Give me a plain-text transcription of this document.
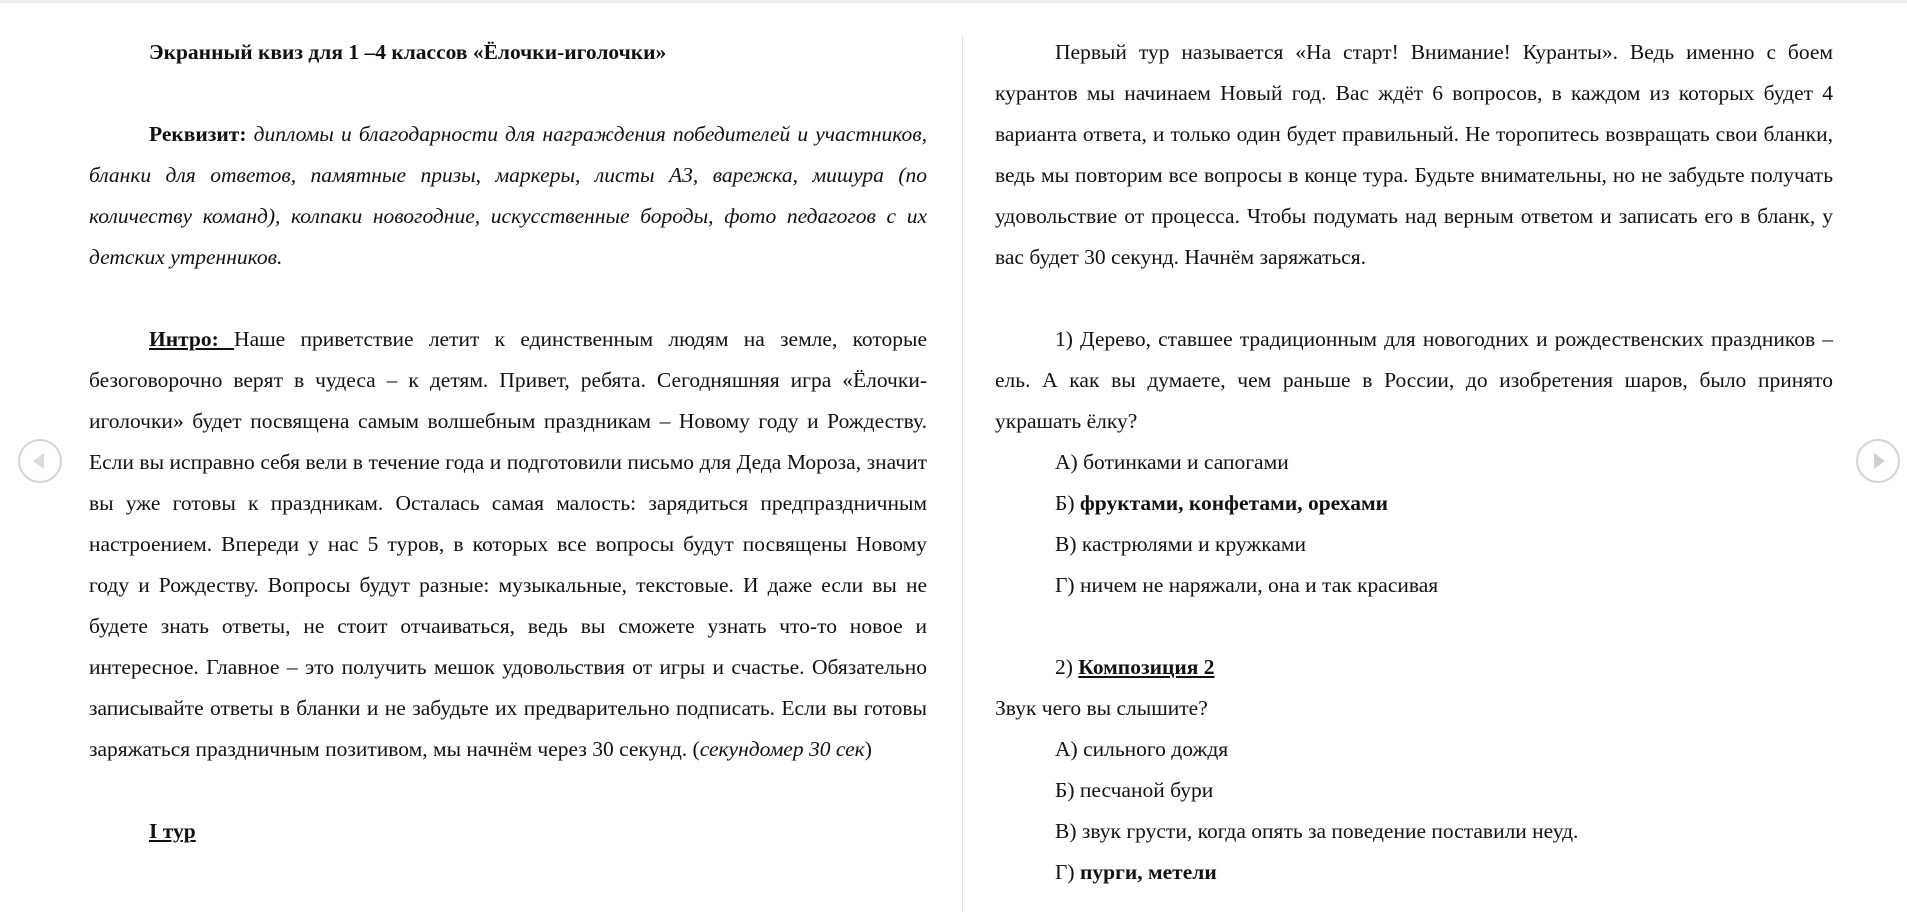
Экранный квиз для 1 –4 классов «Ёлочки-иголочки»

Реквизит: дипломы и благодарности для награждения победителей и участников, бланки для ответов, памятные призы, маркеры, листы А3, варежка, мишура (по количеству команд), колпаки новогодние, искусственные бороды, фото педагогов с их детских утренников.

Интро: Наше приветствие летит к единственным людям на земле, которые безоговорочно верят в чудеса – к детям. Привет, ребята. Сегодняшняя игра «Ёлочки-иголочки» будет посвящена самым волшебным праздникам – Новому году и Рождеству. Если вы исправно себя вели в течение года и подготовили письмо для Деда Мороза, значит вы уже готовы к праздникам. Осталась самая малость: зарядиться предпраздничным настроением. Впереди у нас 5 туров, в которых все вопросы будут посвящены Новому году и Рождеству. Вопросы будут разные: музыкальные, текстовые. И даже если вы не будете знать ответы, не стоит отчаиваться, ведь вы сможете узнать что-то новое и интересное. Главное – это получить мешок удовольствия от игры и счастье. Обязательно записывайте ответы в бланки и не забудьте их предварительно подписать. Если вы готовы заряжаться праздничным позитивом, мы начнём через 30 секунд. (секундомер 30 сек)

I тур

Первый тур называется «На старт! Внимание! Куранты». Ведь именно с боем курантов мы начинаем Новый год. Вас ждёт 6 вопросов, в каждом из которых будет 4 варианта ответа, и только один будет правильный. Не торопитесь возвращать свои бланки, ведь мы повторим все вопросы в конце тура. Будьте внимательны, но не забудьте получать удовольствие от процесса. Чтобы подумать над верным ответом и записать его в бланк, у вас будет 30 секунд. Начнём заряжаться.

1) Дерево, ставшее традиционным для новогодних и рождественских праздников – ель. А как вы думаете, чем раньше в России, до изобретения шаров, было принято украшать ёлку?

А) ботинками и сапогами

Б) фруктами, конфетами, орехами

В) кастрюлями и кружками

Г) ничем не наряжали, она и так красивая

2) Композиция 2

Звук чего вы слышите?

А) сильного дождя

Б) песчаной бури

В) звук грусти, когда опять за поведение поставили неуд.

Г) пурги, метели
